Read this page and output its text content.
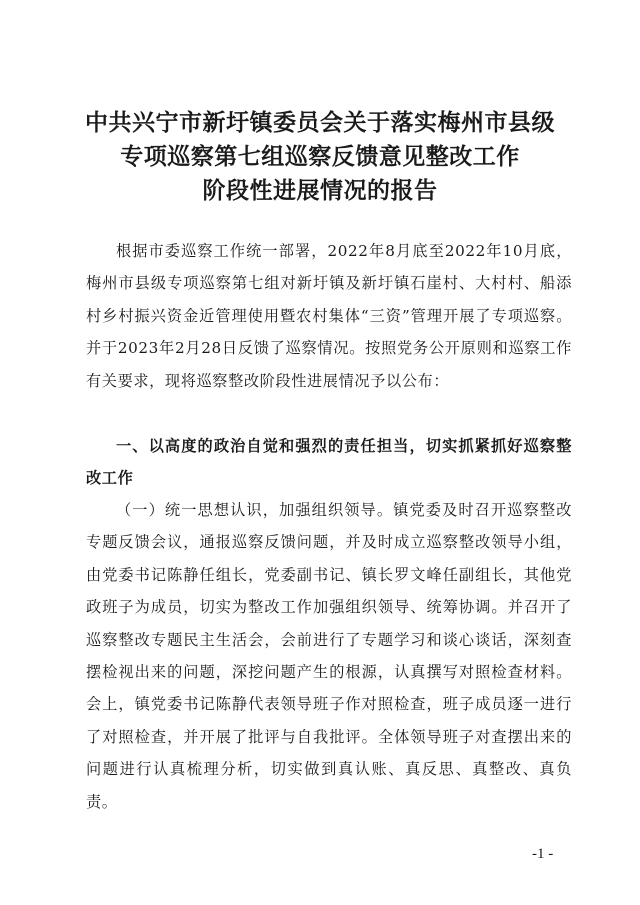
中共兴宁市新圩镇委员会关于落实梅州市县级
专项巡察第七组巡察反馈意见整改工作
阶段性进展情况的报告

根据市委巡察工作统一部署，2022年8月底至2022年10月底，梅州市县级专项巡察第七组对新圩镇及新圩镇石崖村、大村村、船添村乡村振兴资金近管理使用暨农村集体“三资”管理开展了专项巡察。并于2023年2月28日反馈了巡察情况。按照党务公开原则和巡察工作有关要求，现将巡察整改阶段性进展情况予以公布：

一、以高度的政治自觉和强烈的责任担当，切实抓紧抓好巡察整改工作

（一）统一思想认识，加强组织领导。镇党委及时召开巡察整改专题反馈会议，通报巡察反馈问题，并及时成立巡察整改领导小组，由党委书记陈静任组长，党委副书记、镇长罗文峰任副组长，其他党政班子为成员，切实为整改工作加强组织领导、统筹协调。并召开了巡察整改专题民主生活会，会前进行了专题学习和谈心谈话，深刻查摆检视出来的问题，深挖问题产生的根源，认真撰写对照检查材料。会上，镇党委书记陈静代表领导班子作对照检查，班子成员逐一进行了对照检查，并开展了批评与自我批评。全体领导班子对查摆出来的问题进行认真梳理分析，切实做到真认账、真反思、真整改、真负责。

-1 -
